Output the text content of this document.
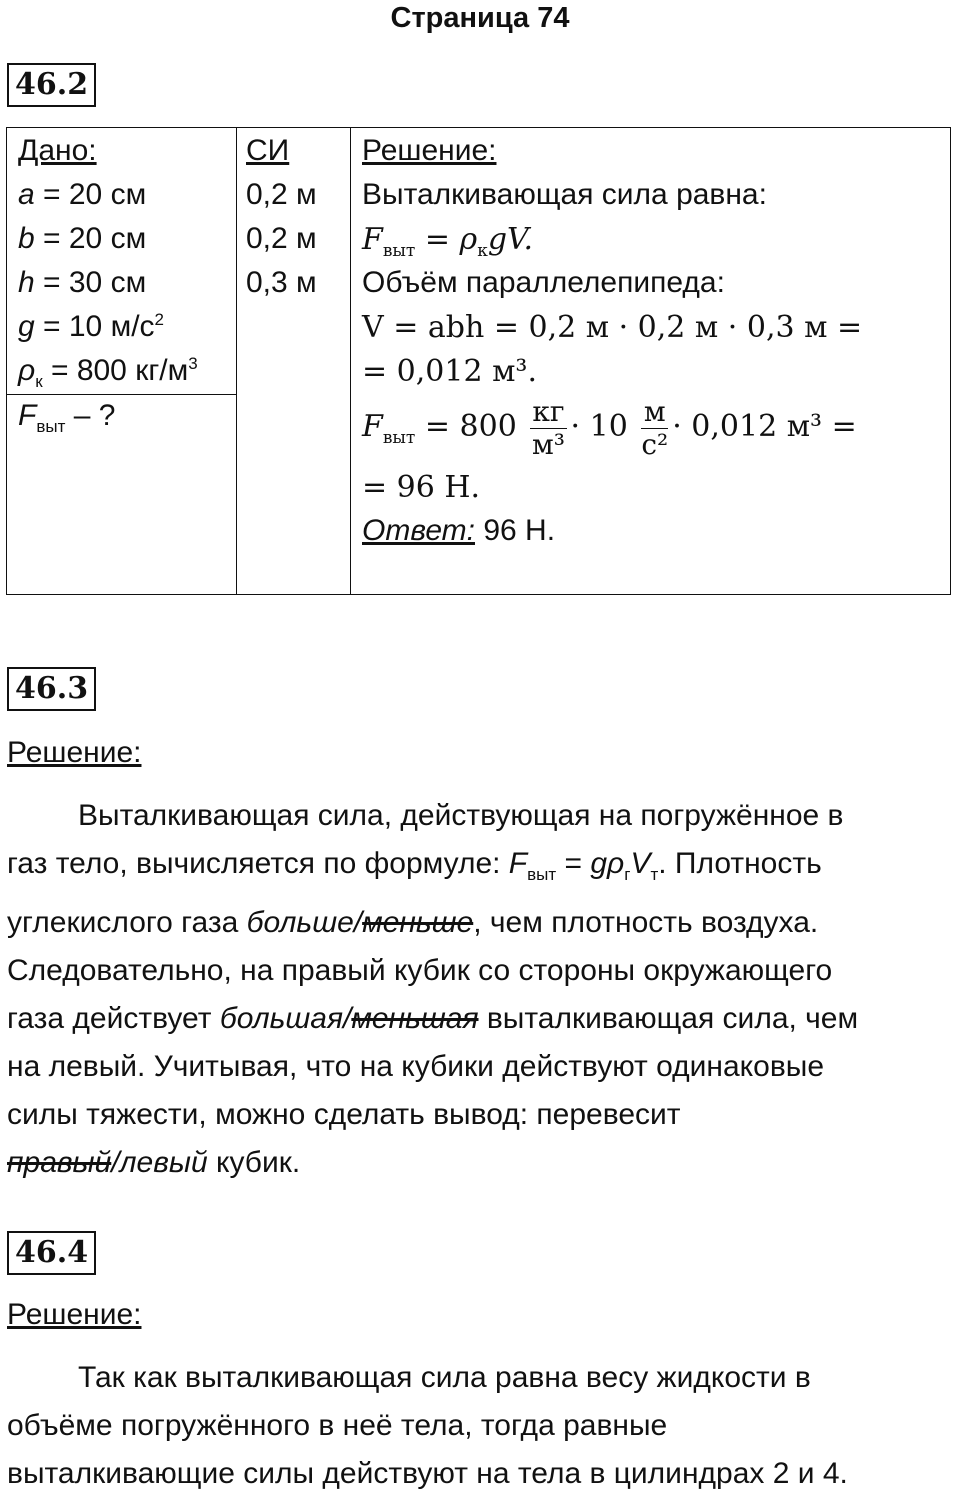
Страница 74
46.2
Дано:
a = 20 см
b = 20 см
h = 30 см
g = 10 $м/с^2$
$\rho_к = 800$ $кг/м^3$
$F_{выт}$ – ?
СИ
0,2 м
0,2 м
0,3 м
Решение:
Выталкивающая сила равна:
$F_{выт} = \rho_кgV$.
Объём параллелепипеда:
V = abh = 0,2 м · 0,2 м · 0,3 м =
= 0,012 м³.
$F_{выт} = 800 \frac{кг}{\text{м³}} \cdot 10 \frac{м}{\text{с²}} \cdot 0,012$ м³ =
= 96 Н.
Ответ: 96 Н.
46.3
Решение:
Выталкивающая сила, действующая на погружённое в
газ тело, вычисляется по формуле: $F_{выт} = g\rho_гV_т$. Плотность
углекислого газа больше/меньше, чем плотность воздуха.
Следовательно, на правый кубик со стороны окружающего
газа действует большая/меньшая выталкивающая сила, чем
на левый. Учитывая, что на кубики действуют одинаковые
силы тяжести, можно сделать вывод: перевесит
правый/левый кубик.
46.4
Решение:
Так как выталкивающая сила равна весу жидкости в
объёме погружённого в неё тела, тогда равные
выталкивающие силы действуют на тела в цилиндрах 2 и 4.
